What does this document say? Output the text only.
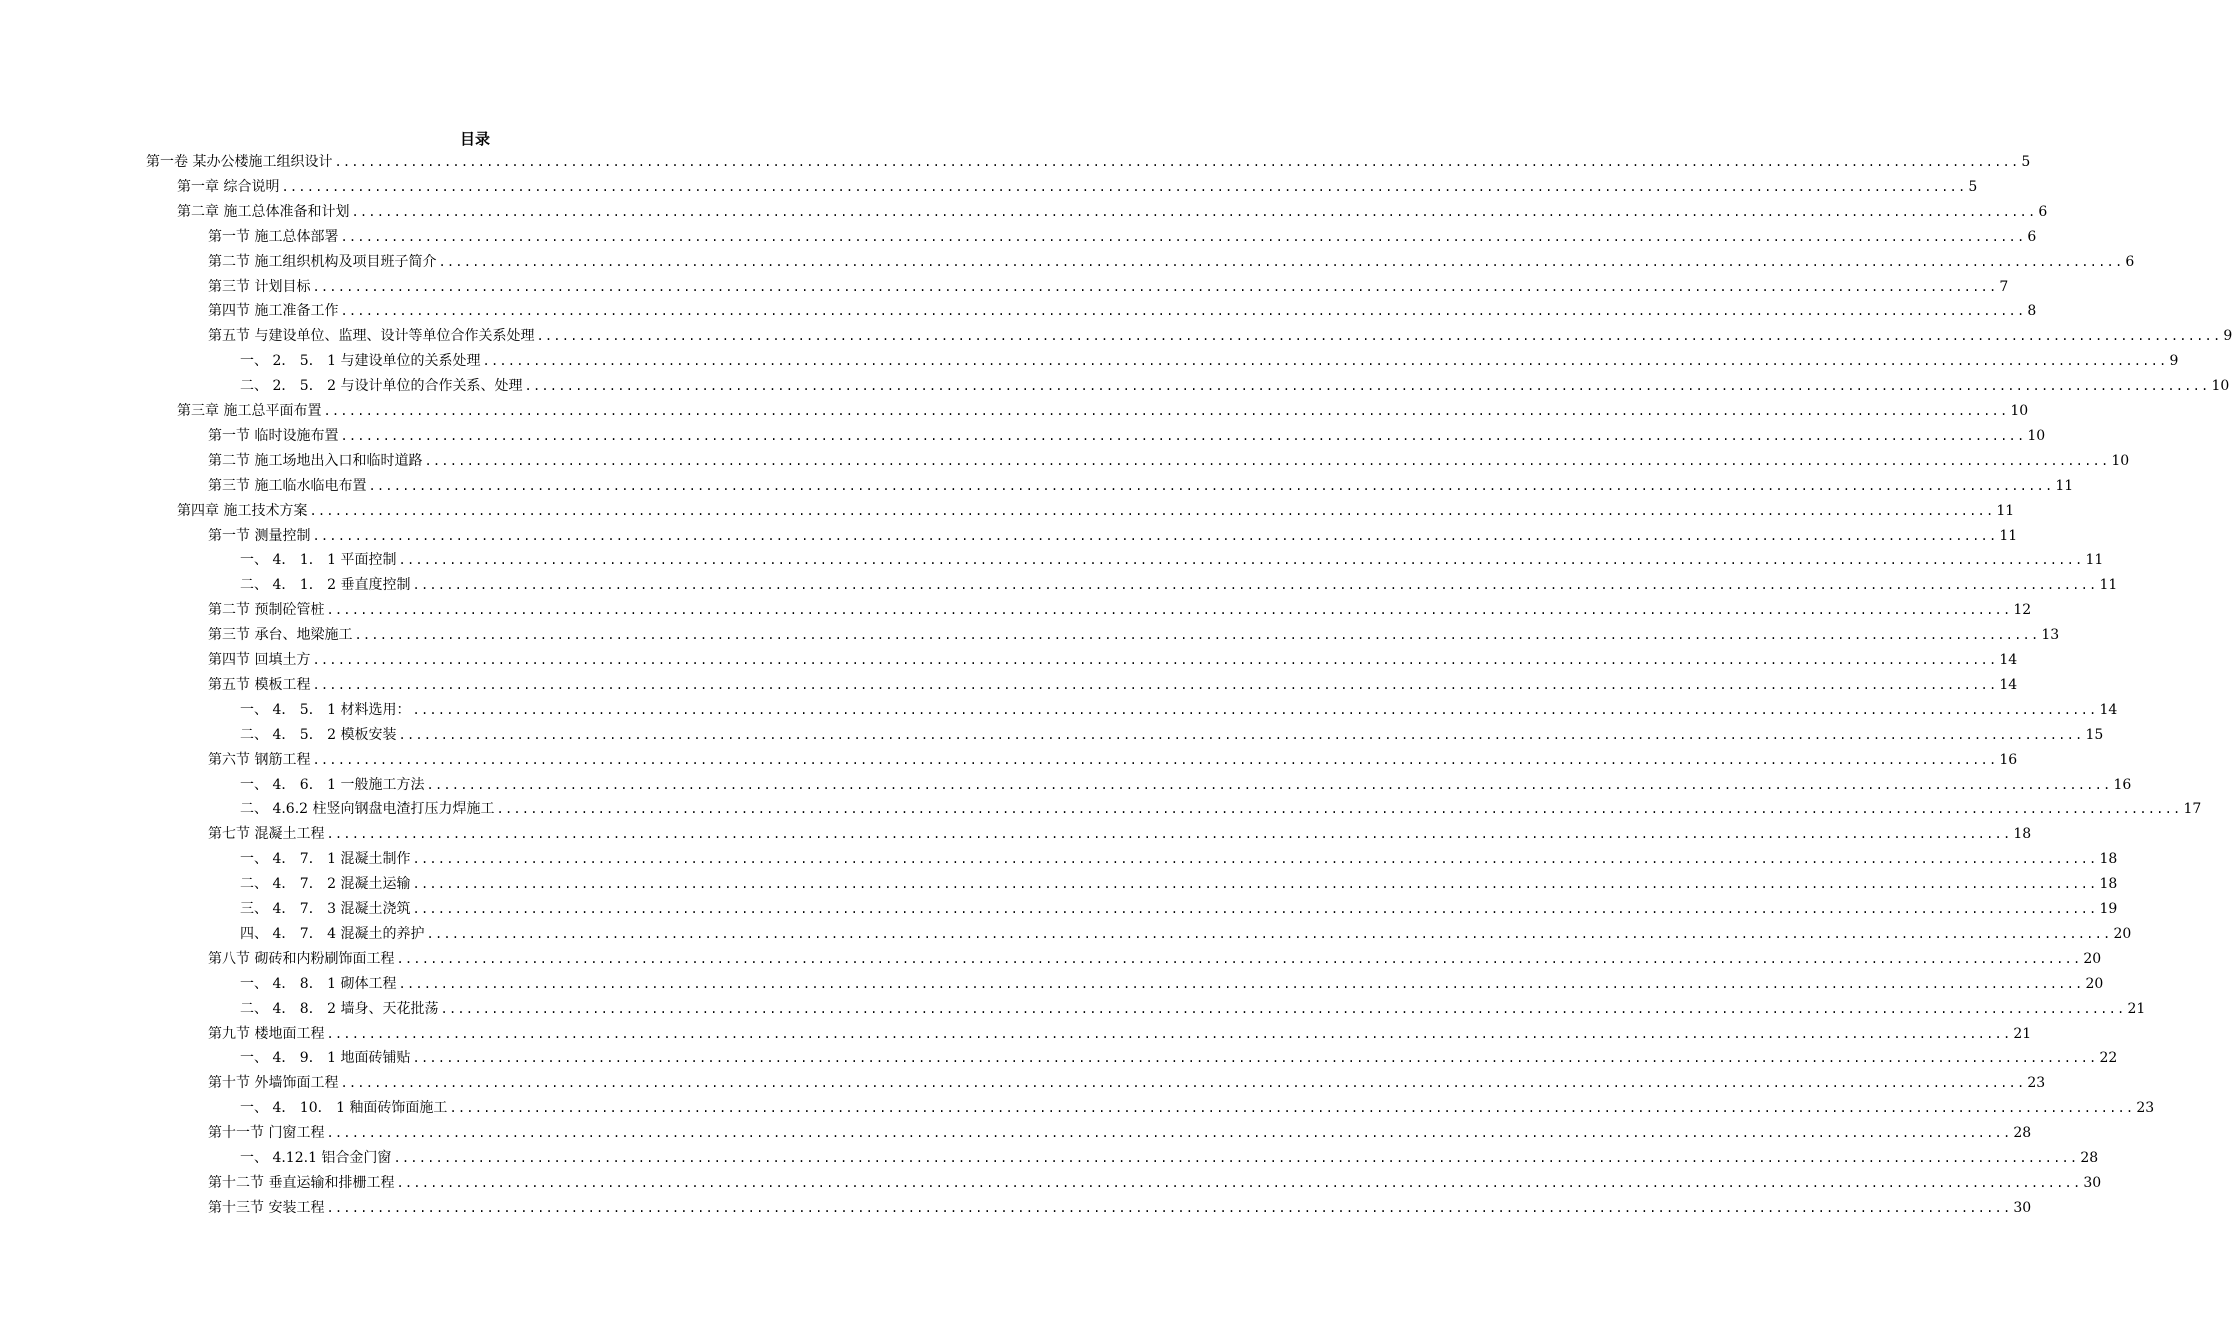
目录
第一卷 某办公楼施工组织设计 ........................................................................................................................................................................................................ 5
第一章 综合说明 ........................................................................................................................................................................................................ 5
第二章 施工总体准备和计划 ........................................................................................................................................................................................................ 6
第一节 施工总体部署 ........................................................................................................................................................................................................ 6
第二节 施工组织机构及项目班子简介 ........................................................................................................................................................................................................ 6
第三节 计划目标 ........................................................................................................................................................................................................ 7
第四节 施工准备工作 ........................................................................................................................................................................................................ 8
第五节 与建设单位、监理、设计等单位合作关系处理 ........................................................................................................................................................................................................ 9
一、 2． 5． 1 与建设单位的关系处理 ........................................................................................................................................................................................................ 9
二、 2． 5． 2 与设计单位的合作关系、处理 ........................................................................................................................................................................................................ 10
第三章 施工总平面布置 ........................................................................................................................................................................................................ 10
第一节 临时设施布置 ........................................................................................................................................................................................................ 10
第二节 施工场地出入口和临时道路 ........................................................................................................................................................................................................ 10
第三节 施工临水临电布置 ........................................................................................................................................................................................................ 11
第四章 施工技术方案 ........................................................................................................................................................................................................ 11
第一节 测量控制 ........................................................................................................................................................................................................ 11
一、 4． 1． 1 平面控制 ........................................................................................................................................................................................................ 11
二、 4． 1． 2 垂直度控制 ........................................................................................................................................................................................................ 11
第二节 预制砼管桩 ........................................................................................................................................................................................................ 12
第三节 承台、地梁施工 ........................................................................................................................................................................................................ 13
第四节 回填土方 ........................................................................................................................................................................................................ 14
第五节 模板工程 ........................................................................................................................................................................................................ 14
一、 4． 5． 1 材料选用： ........................................................................................................................................................................................................ 14
二、 4． 5． 2 模板安装 ........................................................................................................................................................................................................ 15
第六节 钢筋工程 ........................................................................................................................................................................................................ 16
一、 4． 6． 1 一般施工方法 ........................................................................................................................................................................................................ 16
二、 4.6.2 柱竖向钢盘电渣打压力焊施工 ........................................................................................................................................................................................................ 17
第七节 混凝土工程 ........................................................................................................................................................................................................ 18
一、 4． 7． 1 混凝土制作 ........................................................................................................................................................................................................ 18
二、 4． 7． 2 混凝土运输 ........................................................................................................................................................................................................ 18
三、 4． 7． 3 混凝土浇筑 ........................................................................................................................................................................................................ 19
四、 4． 7． 4 混凝土的养护 ........................................................................................................................................................................................................ 20
第八节 砌砖和内粉刷饰面工程 ........................................................................................................................................................................................................ 20
一、 4． 8． 1 砌体工程 ........................................................................................................................................................................................................ 20
二、 4． 8． 2 墙身、天花批荡 ........................................................................................................................................................................................................ 21
第九节 楼地面工程 ........................................................................................................................................................................................................ 21
一、 4． 9． 1 地面砖铺贴 ........................................................................................................................................................................................................ 22
第十节 外墙饰面工程 ........................................................................................................................................................................................................ 23
一、 4． 10． 1 釉面砖饰面施工 ........................................................................................................................................................................................................ 23
第十一节 门窗工程 ........................................................................................................................................................................................................ 28
一、 4.12.1 铝合金门窗 ........................................................................................................................................................................................................ 28
第十二节 垂直运输和排栅工程 ........................................................................................................................................................................................................ 30
第十三节 安装工程 ........................................................................................................................................................................................................ 30
